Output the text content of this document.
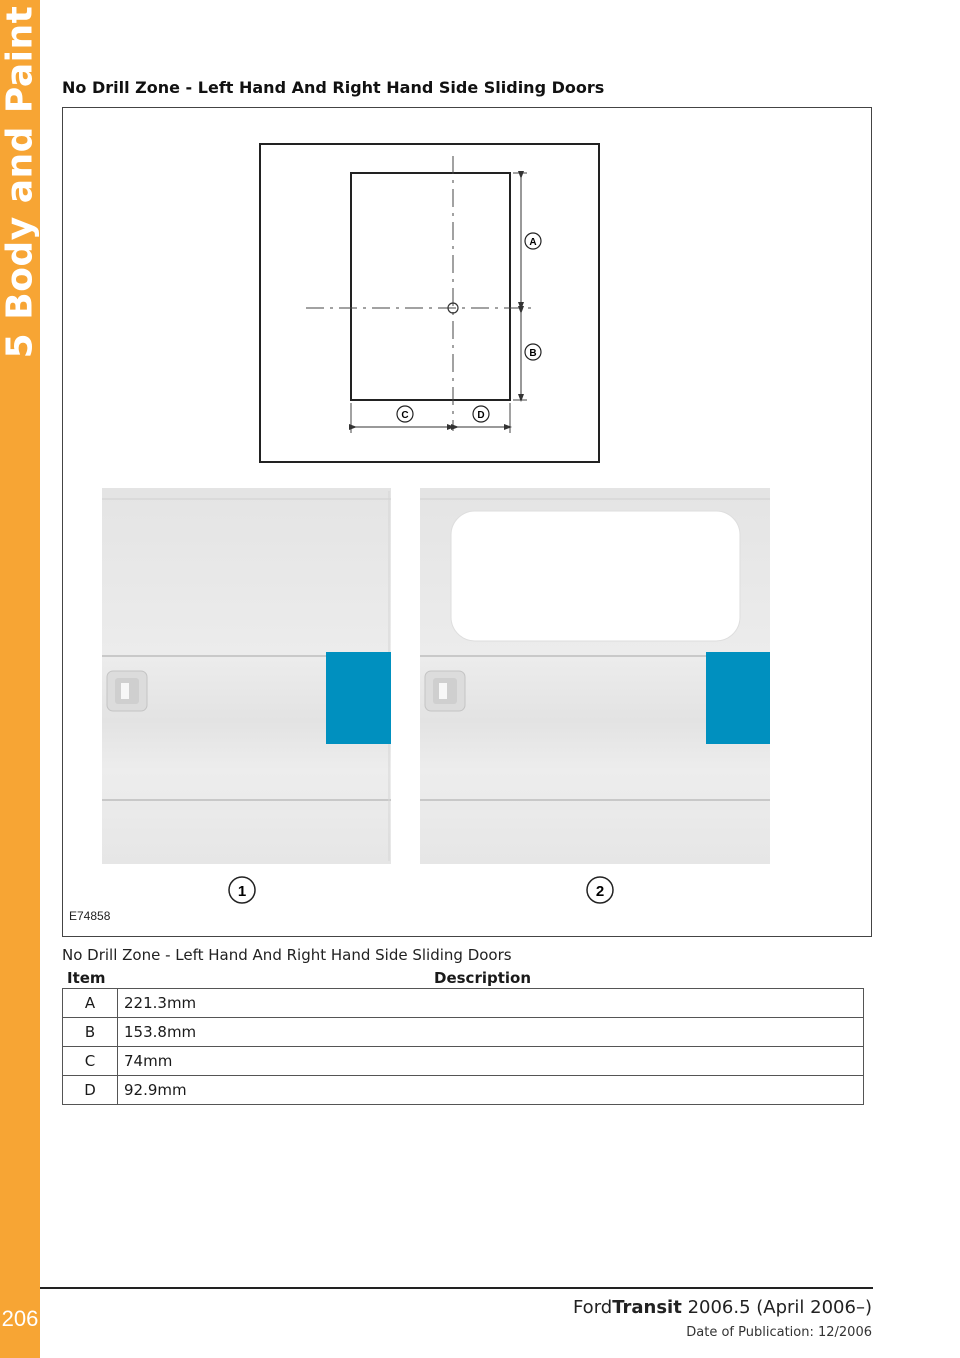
5 Body and Paint
206
No Drill Zone - Left Hand And Right Hand Side Sliding Doors
A
B
C	D
1	2
E74858
No Drill Zone - Left Hand And Right Hand Side Sliding Doors
Item	Description
A	221.3mm
B	153.8mm
C	74mm
D	92.9mm
FordTransit 2006.5 (April 2006–)
Date of Publication: 12/2006
